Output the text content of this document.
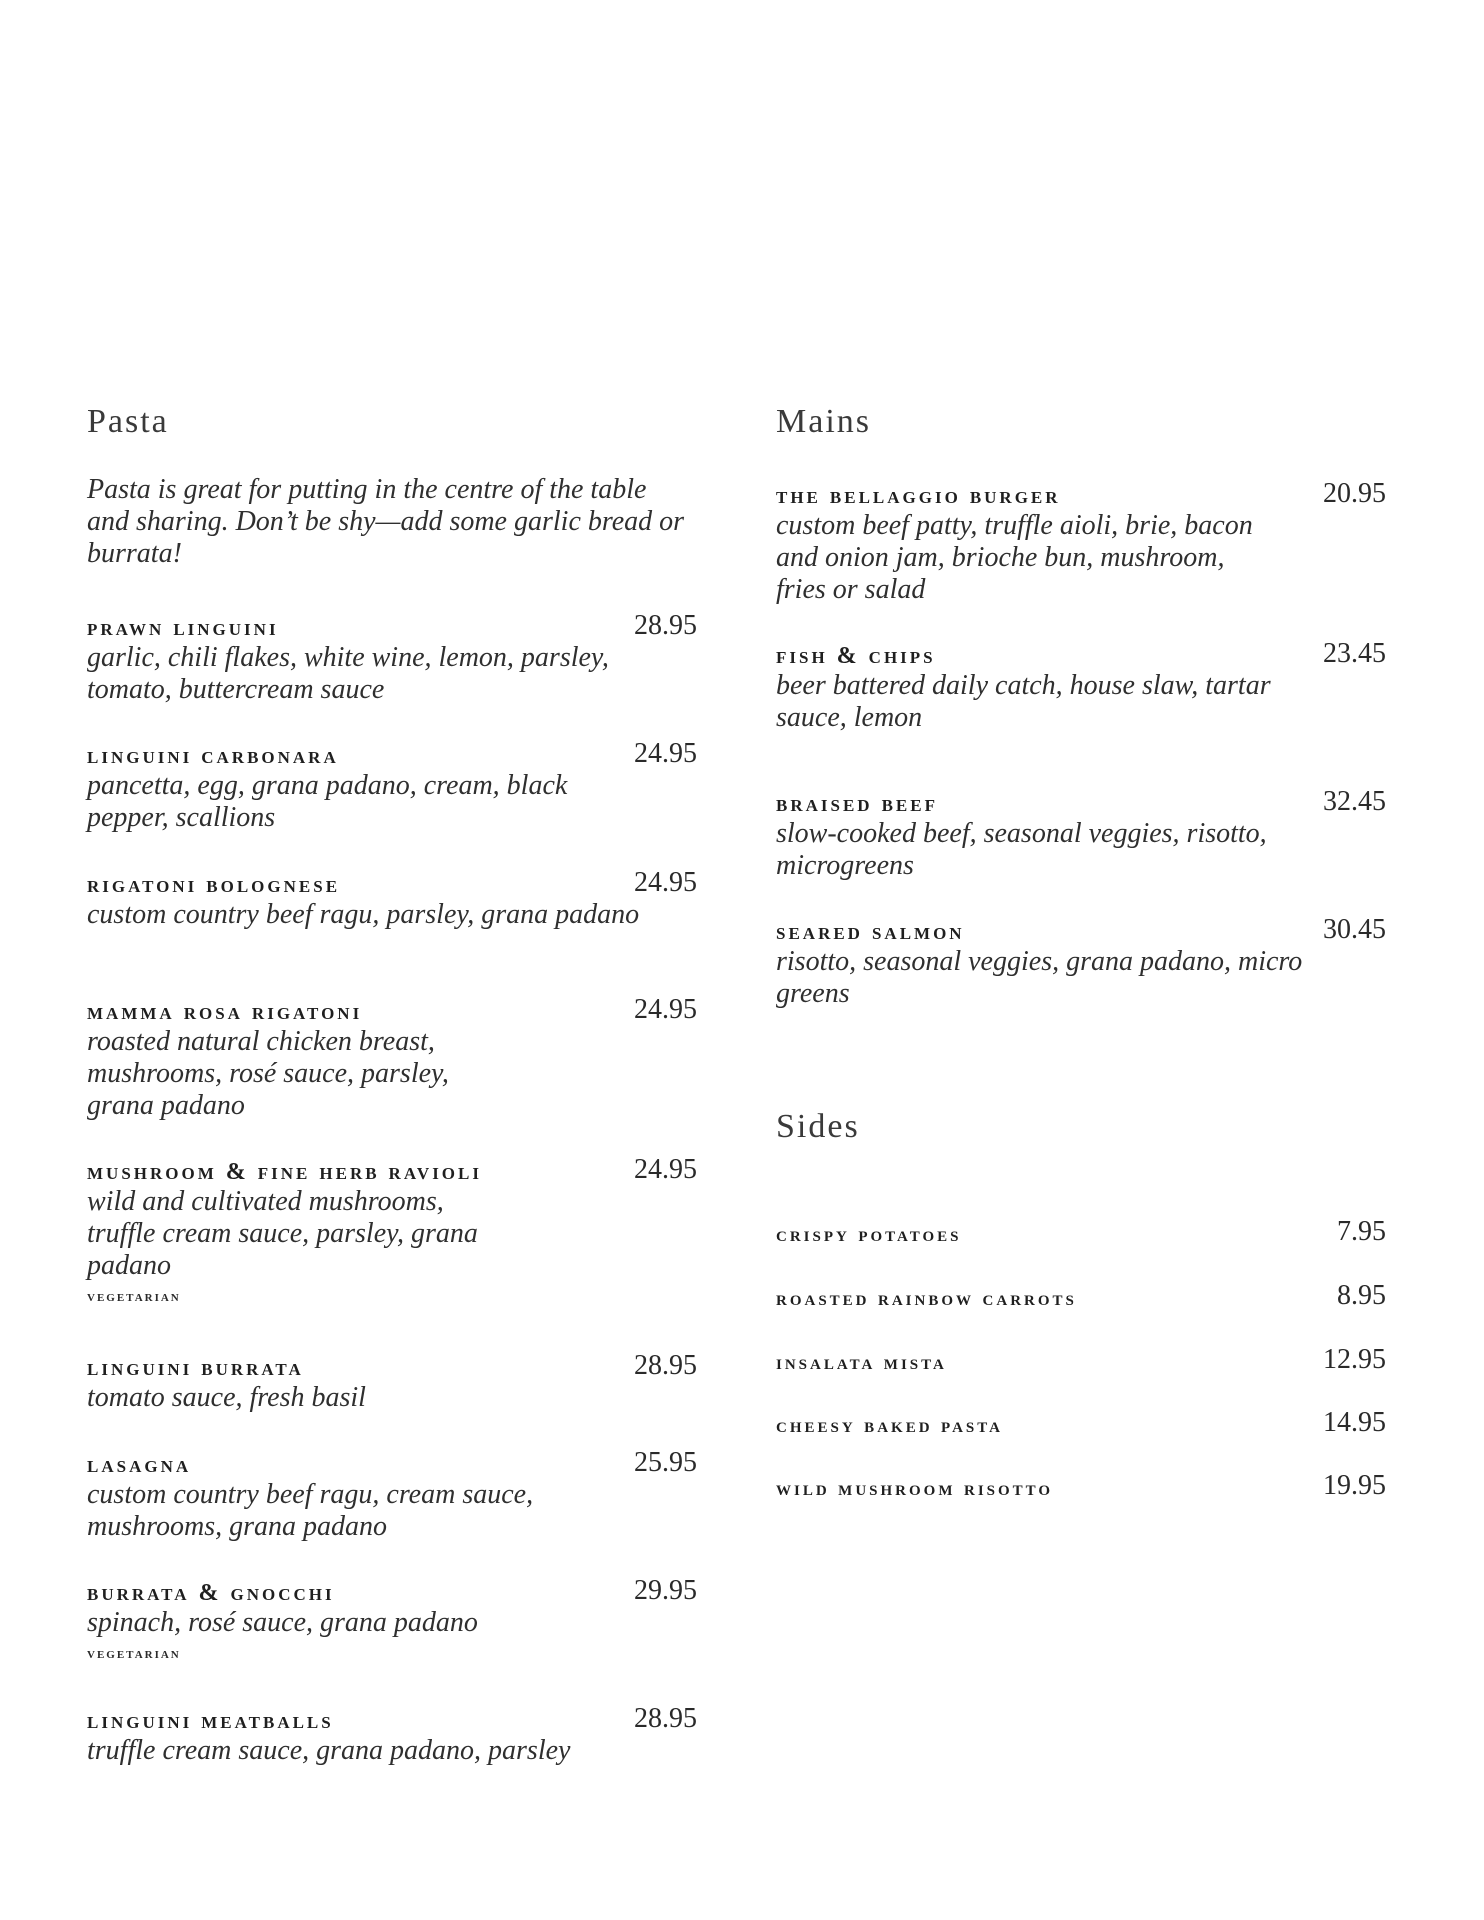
Pasta

Pasta is great for putting in the centre of the table and sharing. Don’t be shy—add some garlic bread or burrata!

prawn linguini	28.95
garlic, chili flakes, white wine, lemon, parsley, tomato, buttercream sauce
linguini carbonara	24.95
pancetta, egg, grana padano, cream, black pepper, scallions
rigatoni bolognese	24.95
custom country beef ragu, parsley, grana padano
mamma rosa rigatoni	24.95
roasted natural chicken breast, mushrooms, rosé sauce, parsley, grana padano
mushroom & fine herb ravioli	24.95
wild and cultivated mushrooms, truffle cream sauce, parsley, grana padano
vegetarian
linguini burrata	28.95
tomato sauce, fresh basil
lasagna	25.95
custom country beef ragu, cream sauce, mushrooms, grana padano
burrata & gnocchi	29.95
spinach, rosé sauce, grana padano
vegetarian
linguini meatballs	28.95
truffle cream sauce, grana padano, parsley
Mains
the bellaggio burger	20.95
custom beef patty, truffle aioli, brie, bacon and onion jam, brioche bun, mushroom, fries or salad
fish & chips	23.45
beer battered daily catch, house slaw, tartar sauce, lemon
braised beef	32.45
slow-cooked beef, seasonal veggies, risotto, microgreens
seared salmon	30.45
risotto, seasonal veggies, grana padano, micro greens
Sides
crispy potatoes	7.95
roasted rainbow carrots	8.95
insalata mista	12.95
cheesy baked pasta	14.95
wild mushroom risotto	19.95
